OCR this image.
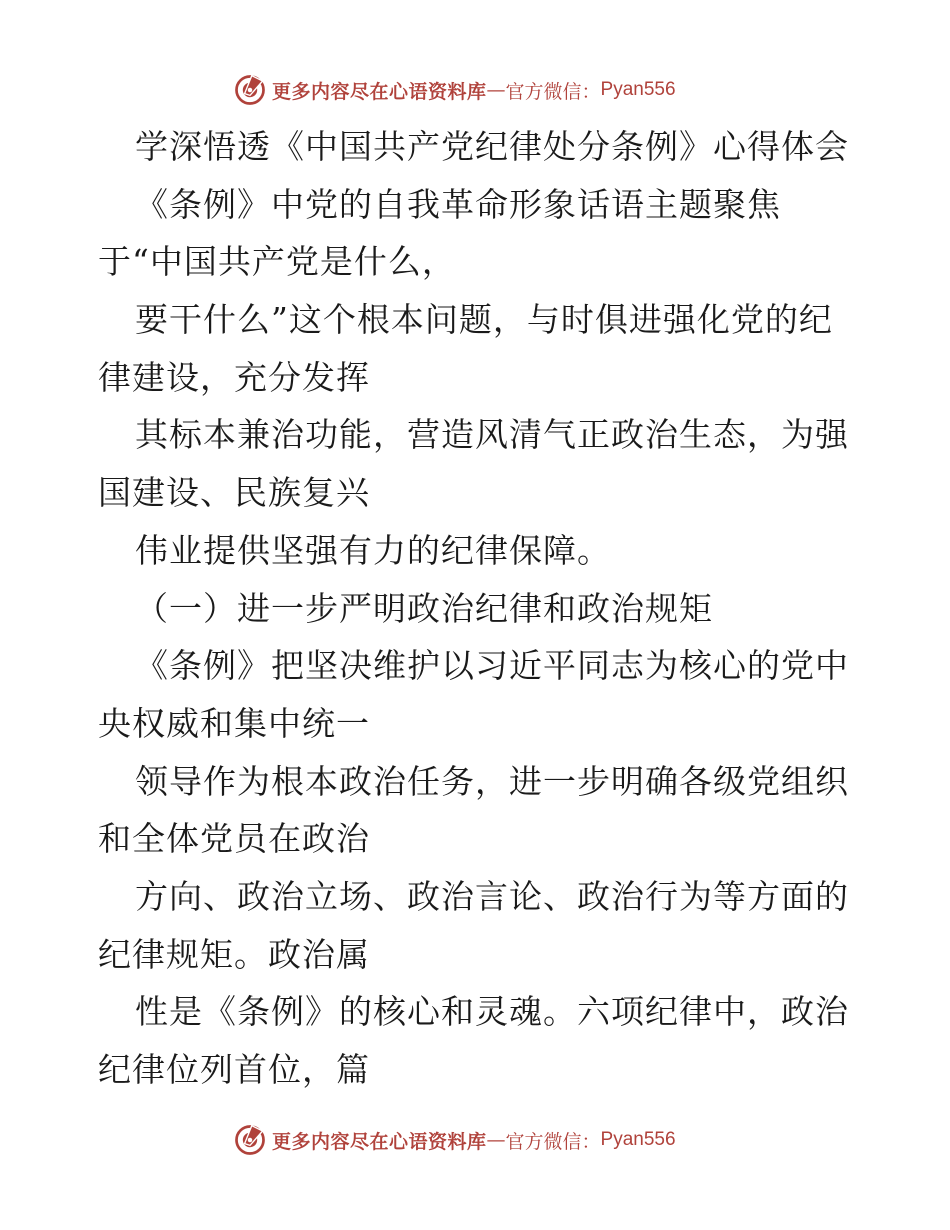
更多内容尽在心语资料库 — 官方微信： Pyan556
学深悟透《中国共产党纪律处分条例》心得体会
《条例》中党的自我革命形象话语主题聚焦
于“中国共产党是什么，
要干什么”这个根本问题，与时俱进强化党的纪
律建设，充分发挥
其标本兼治功能，营造风清气正政治生态，为强
国建设、民族复兴
伟业提供坚强有力的纪律保障。
（一）进一步严明政治纪律和政治规矩
《条例》把坚决维护以习近平同志为核心的党中
央权威和集中统一
领导作为根本政治任务，进一步明确各级党组织
和全体党员在政治
方向、政治立场、政治言论、政治行为等方面的
纪律规矩。政治属
性是《条例》的核心和灵魂。六项纪律中，政治
纪律位列首位，篇
更多内容尽在心语资料库 — 官方微信： Pyan556
